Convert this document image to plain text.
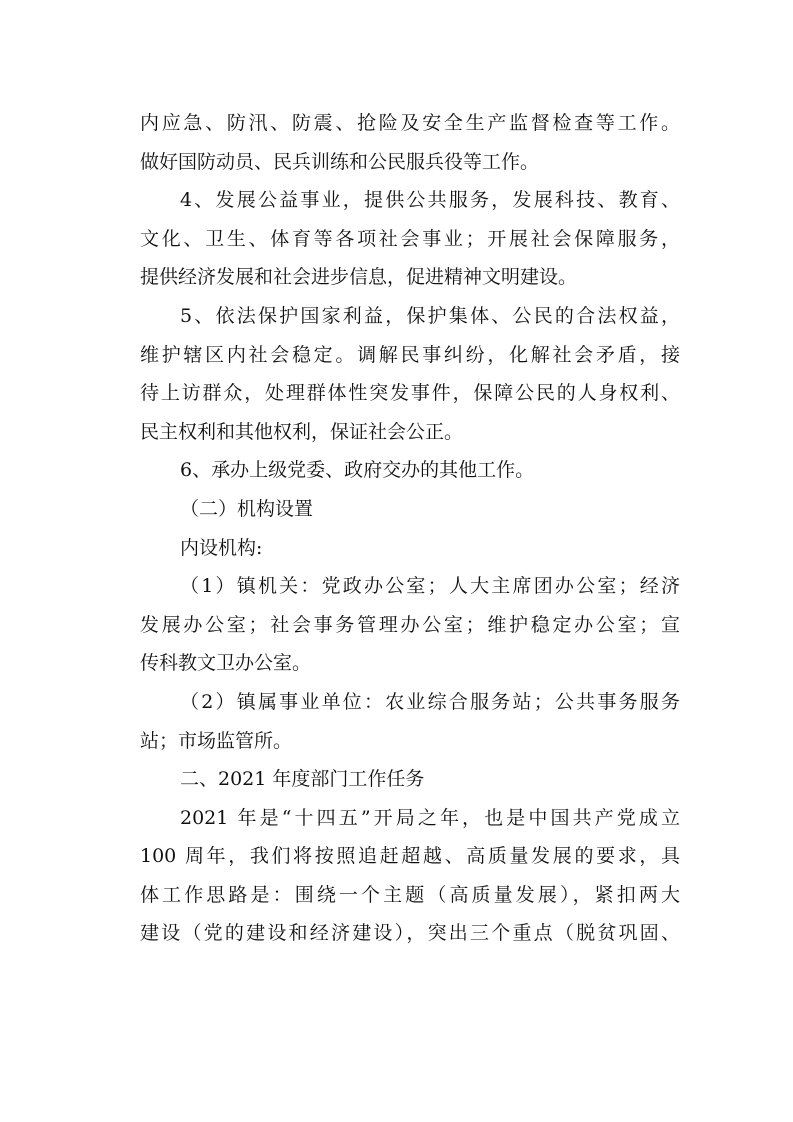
内应急、防汛、防震、抢险及安全生产监督检查等工作。
做好国防动员、民兵训练和公民服兵役等工作。
4、发展公益事业，提供公共服务，发展科技、教育、
文化、卫生、体育等各项社会事业；开展社会保障服务，
提供经济发展和社会进步信息，促进精神文明建设。
5、依法保护国家利益，保护集体、公民的合法权益，
维护辖区内社会稳定。调解民事纠纷，化解社会矛盾，接
待上访群众，处理群体性突发事件，保障公民的人身权利、
民主权利和其他权利，保证社会公正。
6、承办上级党委、政府交办的其他工作。
（二）机构设置
内设机构:
（1）镇机关：党政办公室；人大主席团办公室；经济
发展办公室；社会事务管理办公室；维护稳定办公室；宣
传科教文卫办公室。
（2）镇属事业单位：农业综合服务站；公共事务服务
站；市场监管所。
二、2021 年度部门工作任务
2021 年是“十四五”开局之年，也是中国共产党成立
100 周年，我们将按照追赶超越、高质量发展的要求，具
体工作思路是：围绕一个主题（高质量发展），紧扣两大
建设（党的建设和经济建设），突出三个重点（脱贫巩固、
